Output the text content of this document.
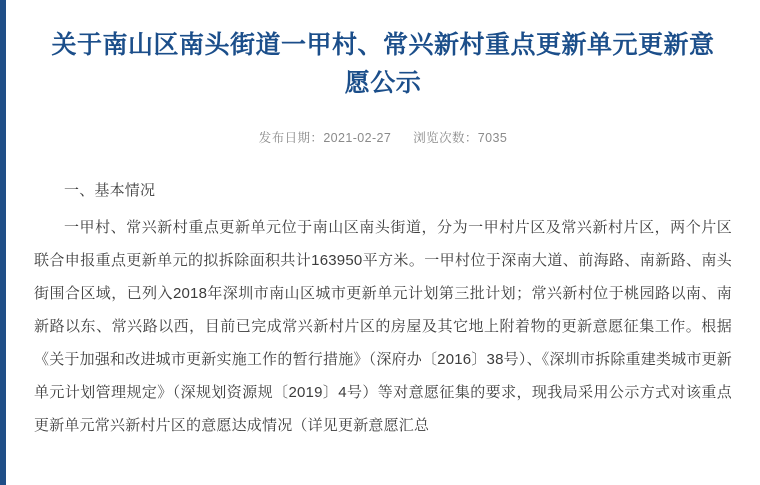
关于南山区南头街道一甲村、常兴新村重点更新单元更新意愿公示
发布日期：2021-02-27 浏览次数：7035

一、基本情况

一甲村、常兴新村重点更新单元位于南山区南头街道，分为一甲村片区及常兴新村片区，两个片区联合申报重点更新单元的拟拆除面积共计163950平方米。一甲村位于深南大道、前海路、南新路、南头街围合区域，已列入2018年深圳市南山区城市更新单元计划第三批计划；常兴新村位于桃园路以南、南新路以东、常兴路以西，目前已完成常兴新村片区的房屋及其它地上附着物的更新意愿征集工作。根据《关于加强和改进城市更新实施工作的暂行措施》（深府办〔2016〕38号）、《深圳市拆除重建类城市更新单元计划管理规定》（深规划资源规〔2019〕4号）等对意愿征集的要求，现我局采用公示方式对该重点更新单元常兴新村片区的意愿达成情况（详见更新意愿汇总
